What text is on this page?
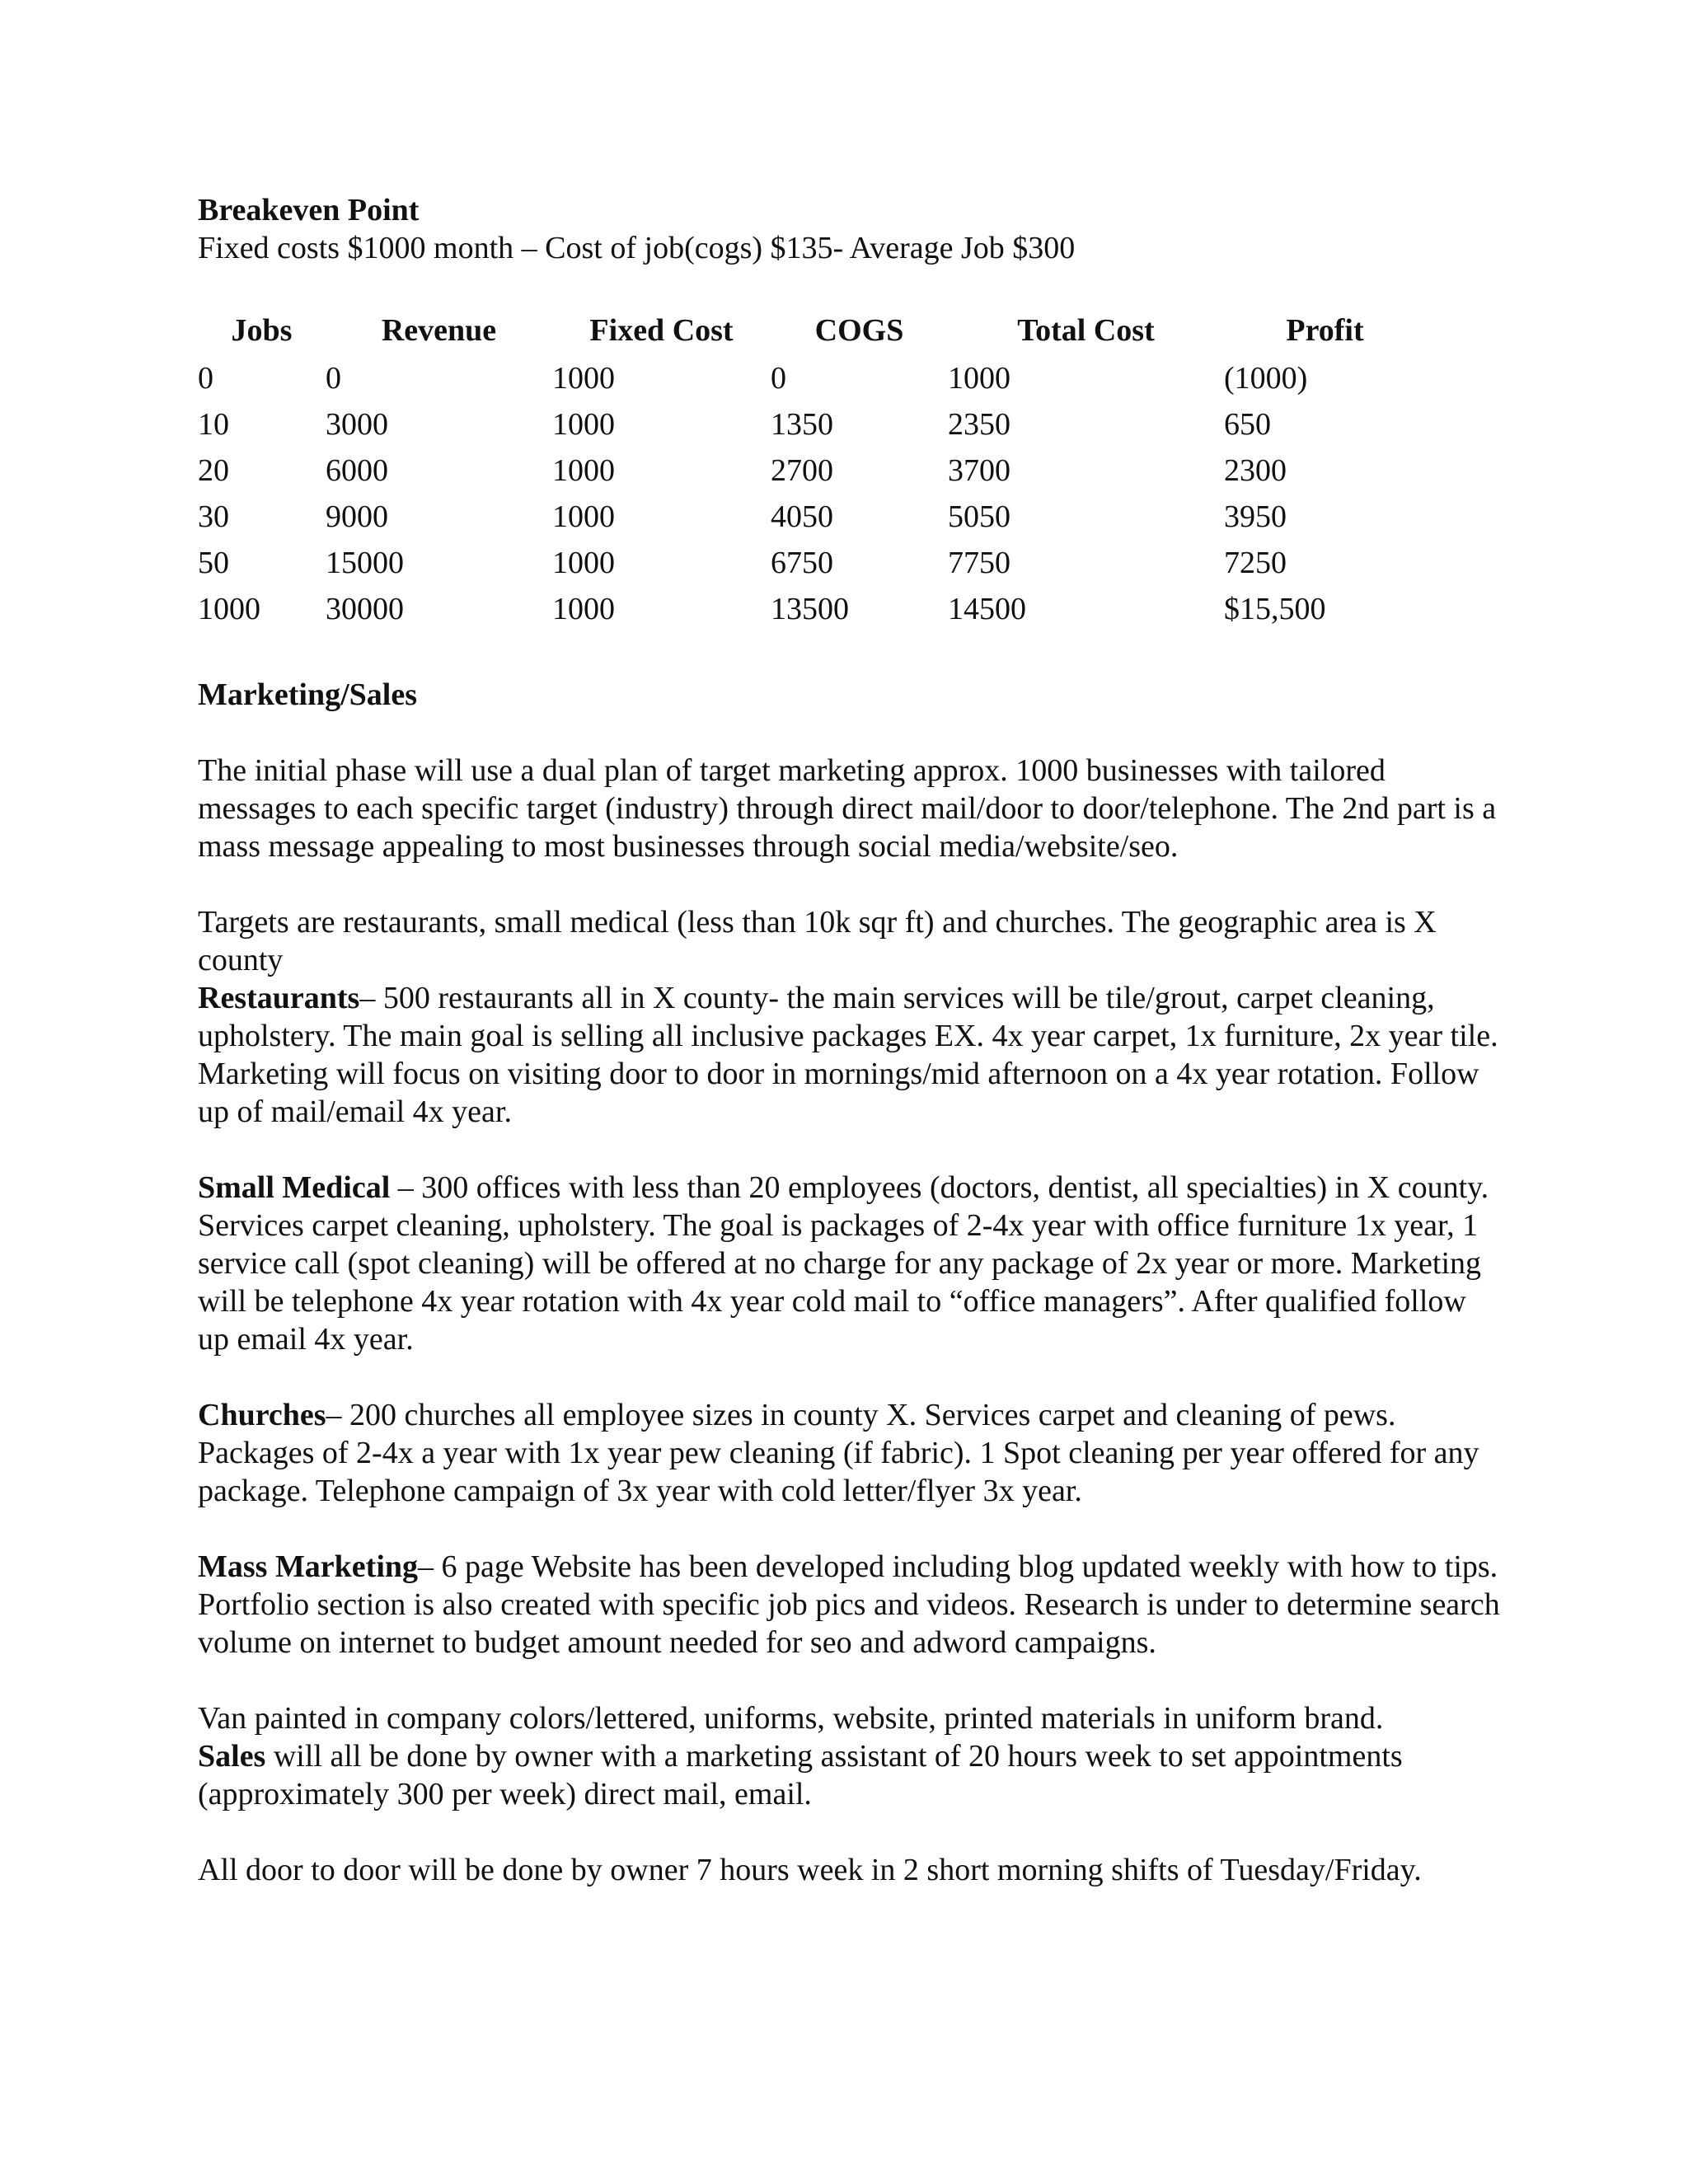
Breakeven Point

Fixed costs $1000 month – Cost of job(cogs) $135- Average Job $300

Jobs	Revenue	Fixed Cost	COGS	Total Cost	Profit
0	0	1000	0	1000	(1000)
10	3000	1000	1350	2350	650
20	6000	1000	2700	3700	2300
30	9000	1000	4050	5050	3950
50	15000	1000	6750	7750	7250
1000	30000	1000	13500	14500	$15,500

Marketing/Sales

The initial phase will use a dual plan of target marketing approx. 1000 businesses with tailored messages to each specific target (industry) through direct mail/door to door/telephone. The 2nd part is a mass message appealing to most businesses through social media/website/seo.

Targets are restaurants, small medical (less than 10k sqr ft) and churches. The geographic area is X county

Restaurants– 500 restaurants all in X county- the main services will be tile/grout, carpet cleaning, upholstery. The main goal is selling all inclusive packages EX. 4x year carpet, 1x furniture, 2x year tile. Marketing will focus on visiting door to door in mornings/mid afternoon on a 4x year rotation. Follow up of mail/email 4x year.

Small Medical – 300 offices with less than 20 employees (doctors, dentist, all specialties) in X county. Services carpet cleaning, upholstery. The goal is packages of 2-4x year with office furniture 1x year, 1 service call (spot cleaning) will be offered at no charge for any package of 2x year or more. Marketing will be telephone 4x year rotation with 4x year cold mail to “office managers”. After qualified follow up email 4x year.

Churches– 200 churches all employee sizes in county X. Services carpet and cleaning of pews. Packages of 2-4x a year with 1x year pew cleaning (if fabric). 1 Spot cleaning per year offered for any package. Telephone campaign of 3x year with cold letter/flyer 3x year.

Mass Marketing– 6 page Website has been developed including blog updated weekly with how to tips. Portfolio section is also created with specific job pics and videos. Research is under to determine search volume on internet to budget amount needed for seo and adword campaigns.

Van painted in company colors/lettered, uniforms, website, printed materials in uniform brand.

Sales will all be done by owner with a marketing assistant of 20 hours week to set appointments (approximately 300 per week) direct mail, email.

All door to door will be done by owner 7 hours week in 2 short morning shifts of Tuesday/Friday.
